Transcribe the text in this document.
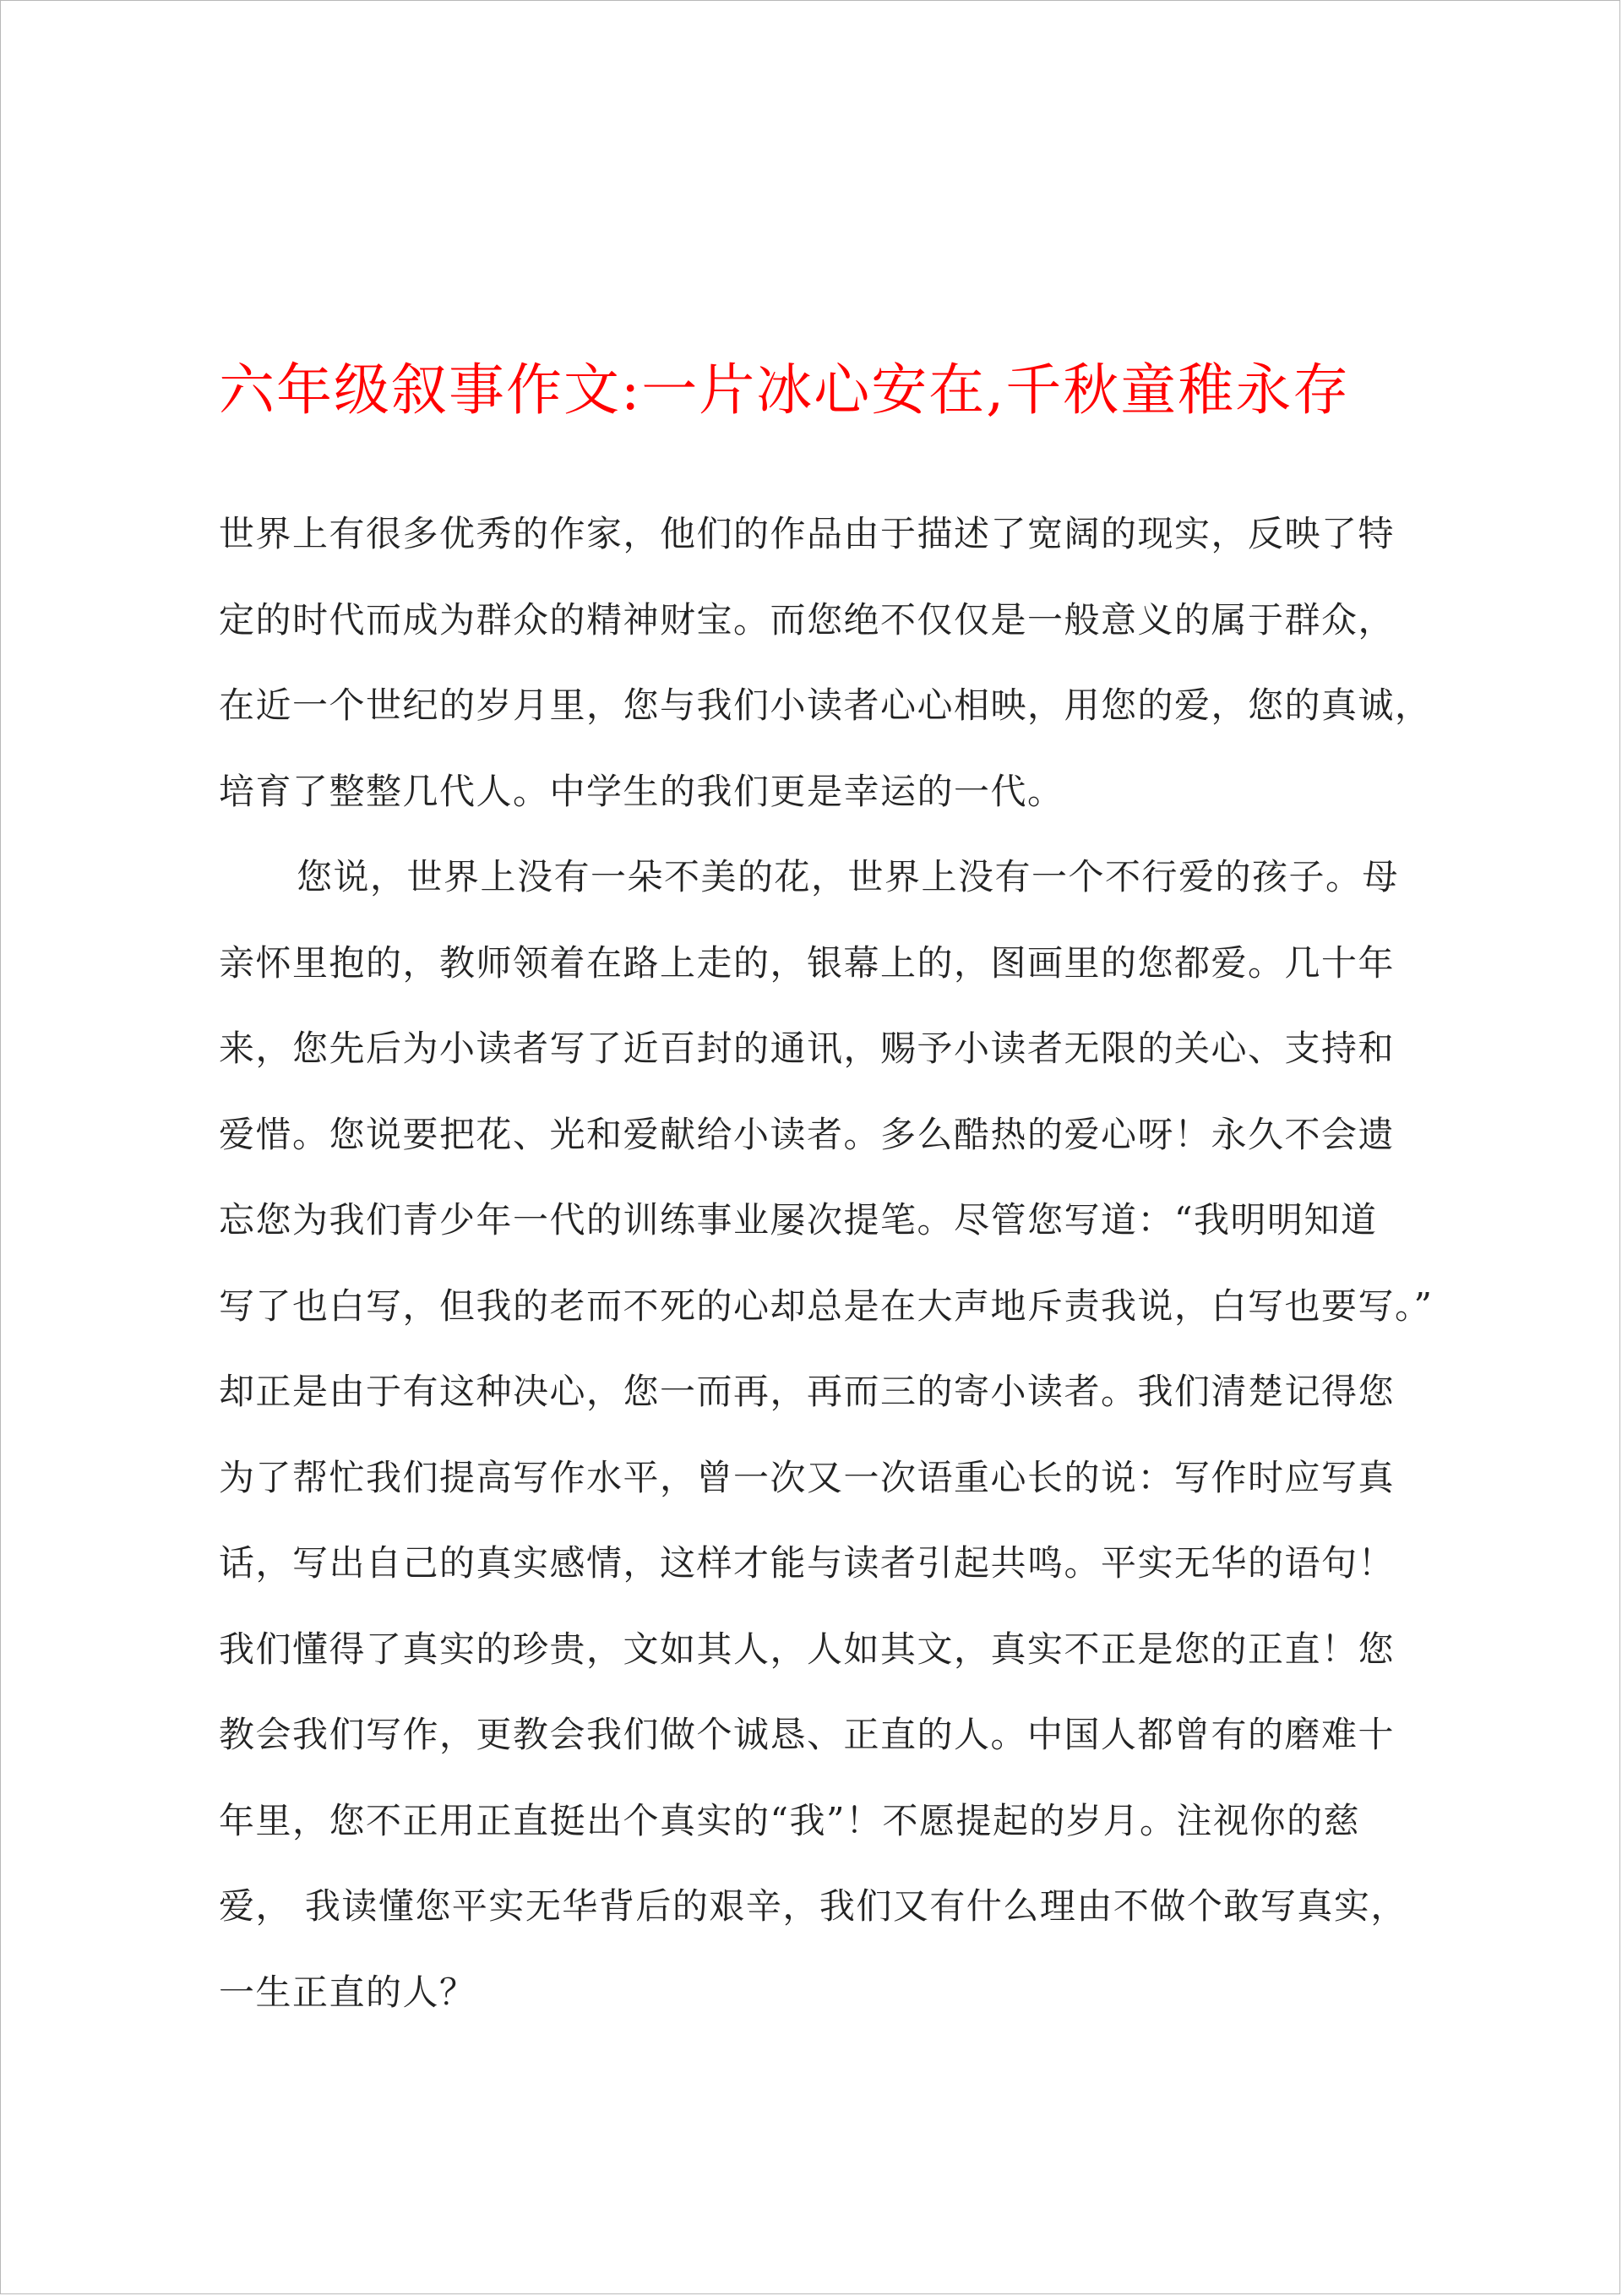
六年级叙事作文:一片冰心安在,千秋童稚永存
世界上有很多优秀的作家，他们的作品由于描述了宽阔的现实，反映了特
定的时代而成为群众的精神财宝。而您绝不仅仅是一般意义的属于群众，
在近一个世纪的岁月里，您与我们小读者心心相映，用您的爱，您的真诚，
培育了整整几代人。中学生的我们更是幸运的一代。
您说，世界上没有一朵不美的花，世界上没有一个不行爱的孩子。母
亲怀里抱的，教师领着在路上走的，银幕上的，图画里的您都爱。几十年
来，您先后为小读者写了近百封的通讯，赐予小读者无限的关心、支持和
爱惜。您说要把花、光和爱献给小读者。多么酷热的爱心呀！永久不会遗
忘您为我们青少年一代的训练事业屡次提笔。尽管您写道：“我明明知道
写了也白写，但我的老而不死的心却总是在大声地斥责我说，白写也要写。”
却正是由于有这种决心，您一而再，再而三的寄小读者。我们清楚记得您
为了帮忙我们提高写作水平，曾一次又一次语重心长的说：写作时应写真
话，写出自己的真实感情，这样才能与读者引起共鸣。平实无华的语句！
我们懂得了真实的珍贵，文如其人，人如其文，真实不正是您的正直！您
教会我们写作，更教会我们做个诚恳、正直的人。中国人都曾有的磨难十
年里，您不正用正直挺出个真实的“我”！不愿提起的岁月。注视你的慈
爱， 我读懂您平实无华背后的艰辛，我们又有什么理由不做个敢写真实，
一生正直的人？
